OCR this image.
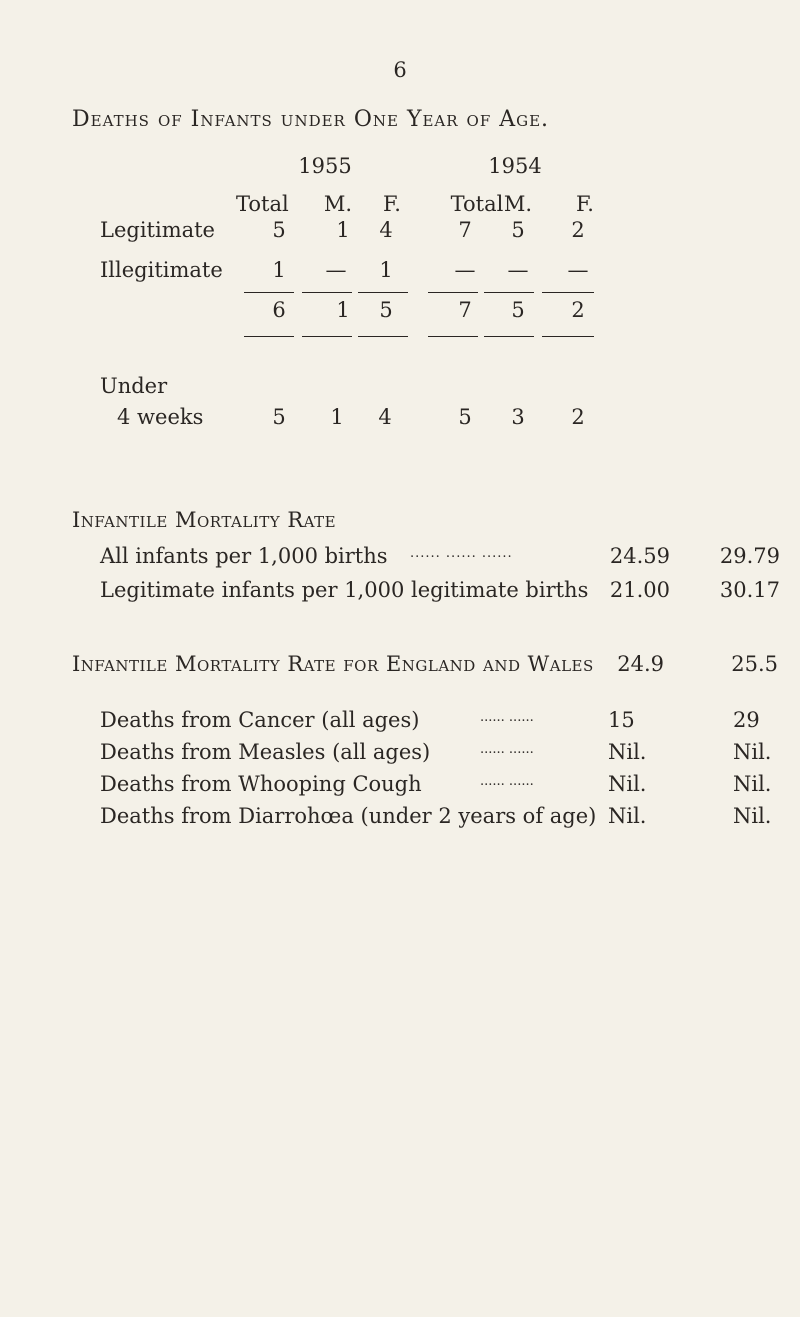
6
Deaths of Infants under One Year of Age.
1955	1954
Total M.	F.	Total M.	F.
Legitimate	5	1	4	7	5	2
Illegitimate	1	—	1	— — —
6	1	5	7	5	2
Under
4 weeks	5	1	4	5	3	2
Infantile Mortality Rate
All infants per 1,000 births ...... ...... ......	24.59	29.79
Legitimate infants per 1,000 legitimate births	21.00	30.17
Infantile Mortality Rate for England and Wales	24.9	25.5
Deaths from Cancer (all ages)	...... ......	15	29
Deaths from Measles (all ages)	...... ......	Nil.	Nil.
Deaths from Whooping Cough	...... ......	Nil.	Nil.
Deaths from Diarrohœa (under 2 years of age) Nil.	Nil.
